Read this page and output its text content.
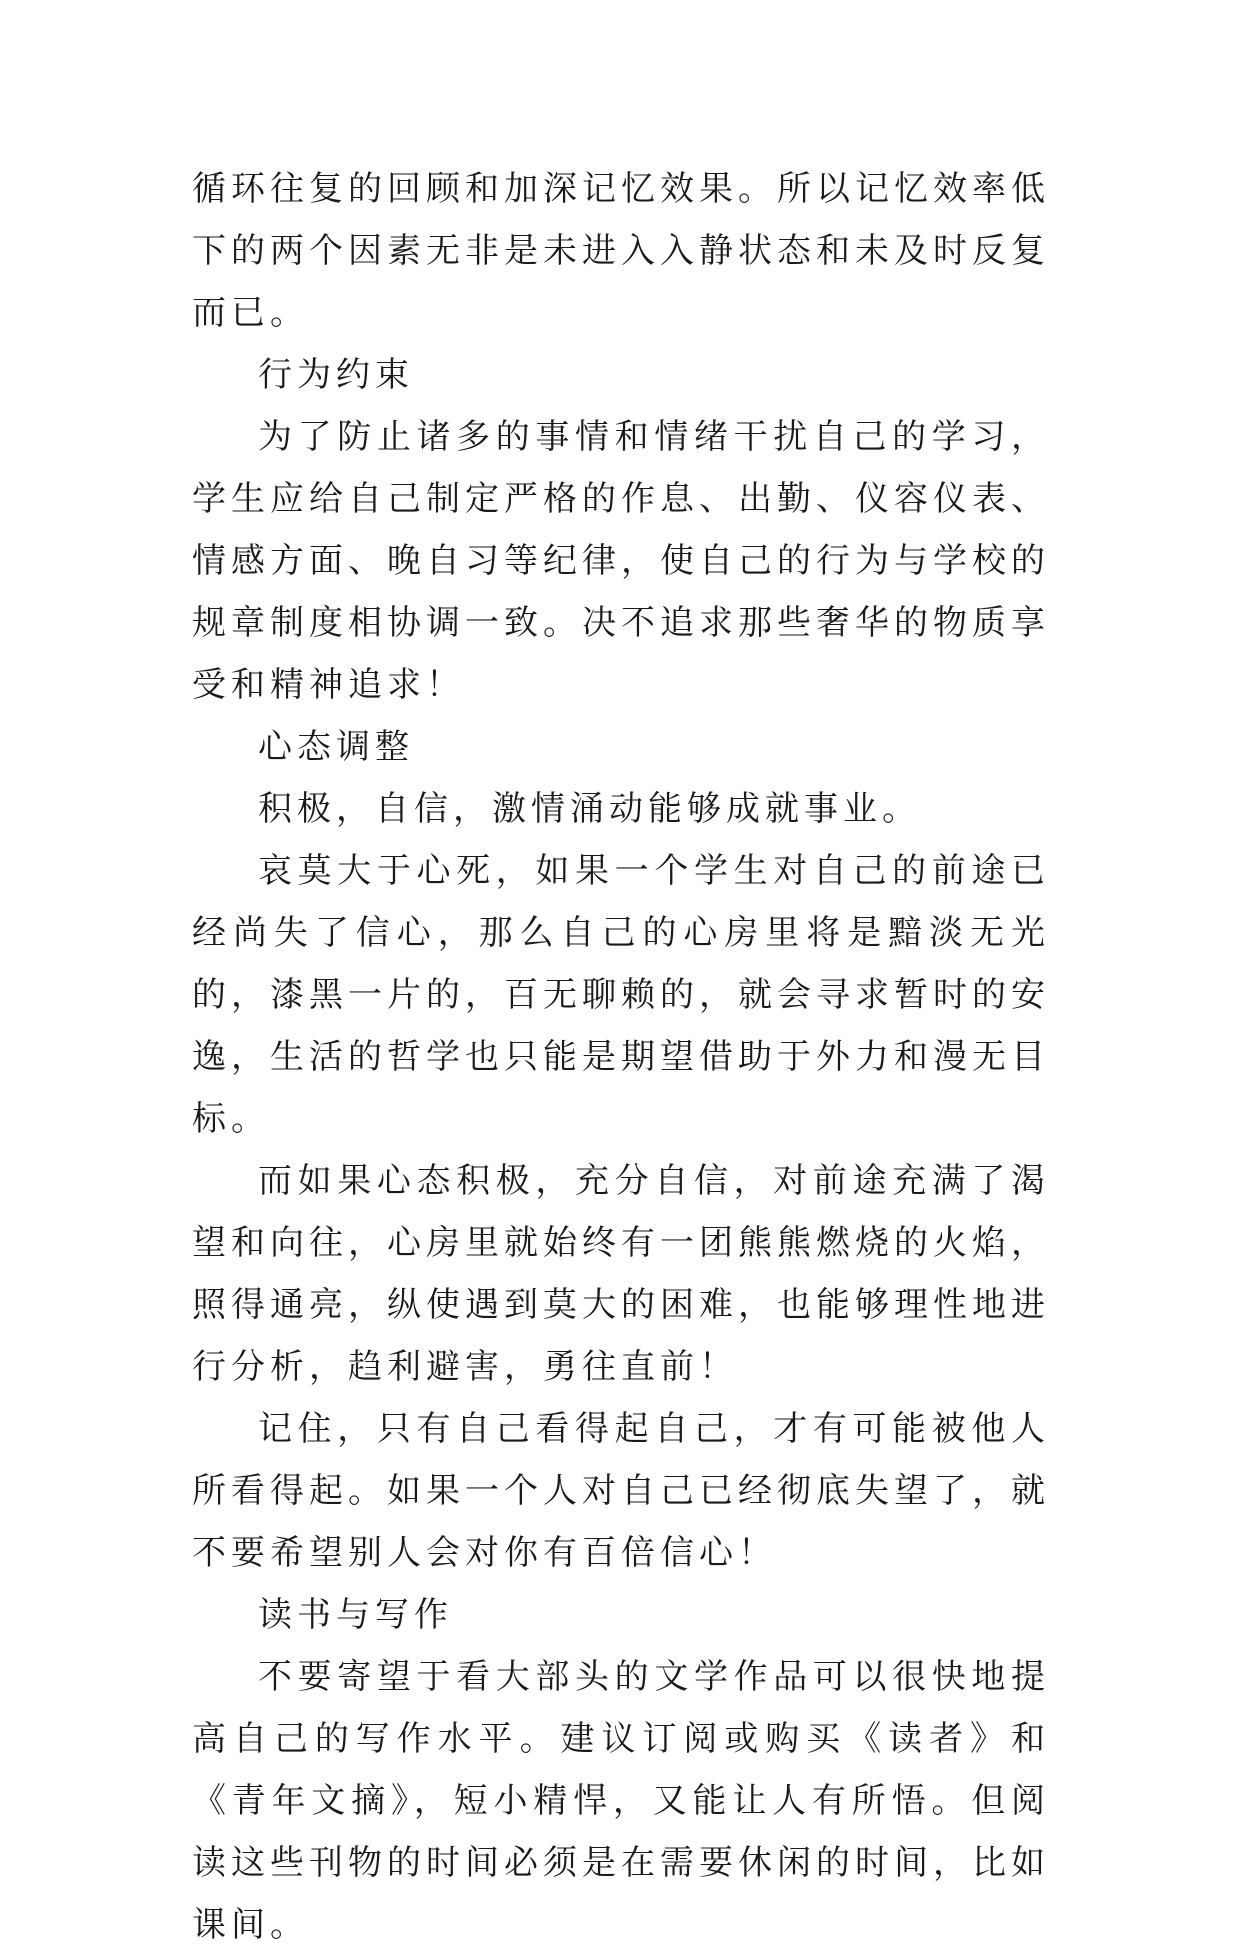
循环往复的回顾和加深记忆效果。所以记忆效率低下的两个因素无非是未进入入静状态和未及时反复而已。

行为约束

为了防止诸多的事情和情绪干扰自己的学习，学生应给自己制定严格的作息、出勤、仪容仪表、情感方面、晚自习等纪律，使自己的行为与学校的规章制度相协调一致。决不追求那些奢华的物质享受和精神追求！

心态调整

积极，自信，激情涌动能够成就事业。

哀莫大于心死，如果一个学生对自己的前途已经尚失了信心，那么自己的心房里将是黯淡无光的，漆黑一片的，百无聊赖的，就会寻求暂时的安逸，生活的哲学也只能是期望借助于外力和漫无目标。

而如果心态积极，充分自信，对前途充满了渴望和向往，心房里就始终有一团熊熊燃烧的火焰，照得通亮，纵使遇到莫大的困难，也能够理性地进行分析，趋利避害，勇往直前！

记住，只有自己看得起自己，才有可能被他人所看得起。如果一个人对自己已经彻底失望了，就不要希望别人会对你有百倍信心！

读书与写作

不要寄望于看大部头的文学作品可以很快地提高自己的写作水平。建议订阅或购买《读者》和《青年文摘》，短小精悍，又能让人有所悟。但阅读这些刊物的时间必须是在需要休闲的时间，比如课间。
